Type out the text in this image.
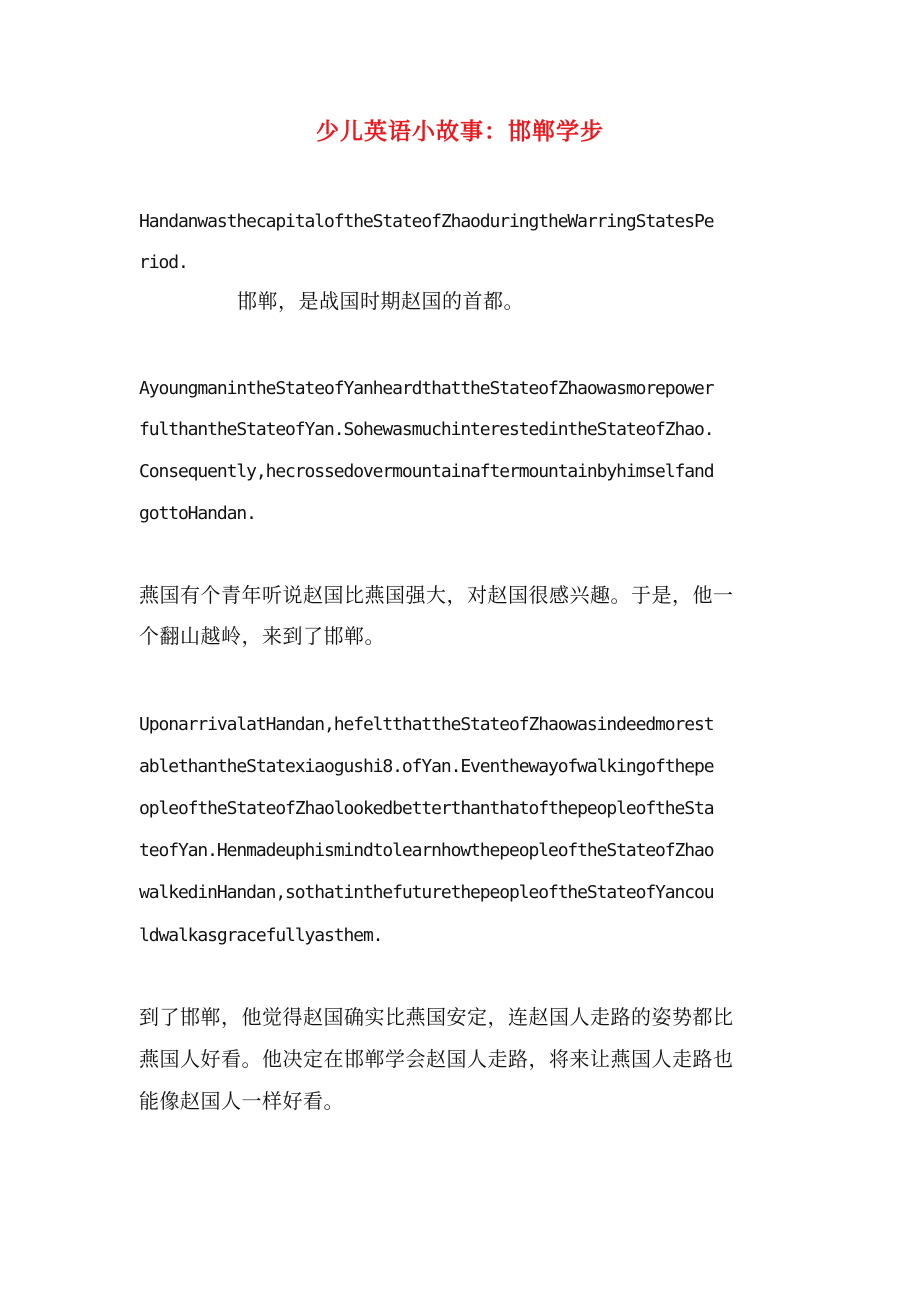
少儿英语小故事：邯郸学步
HandanwasthecapitaloftheStateofZhaoduringtheWarringStatesPe
riod.
邯郸，是战国时期赵国的首都。
AyoungmanintheStateofYanheardthattheStateofZhaowasmorepower
fulthantheStateofYan.SohewasmuchinterestedintheStateofZhao.
Consequently,hecrossedovermountainaftermountainbyhimselfand
gottoHandan.
燕国有个青年听说赵国比燕国强大，对赵国很感兴趣。于是，他一
个翻山越岭，来到了邯郸。
UponarrivalatHandan,hefeltthattheStateofZhaowasindeedmorest
ablethantheStatexiaogushi8.ofYan.Eventhewayofwalkingofthepe
opleoftheStateofZhaolookedbetterthanthatofthepeopleoftheSta
teofYan.HenmadeuphismindtolearnhowthepeopleoftheStateofZhao
walkedinHandan,sothatinthefuturethepeopleoftheStateofYancou
ldwalkasgracefullyasthem.
到了邯郸，他觉得赵国确实比燕国安定，连赵国人走路的姿势都比
燕国人好看。他决定在邯郸学会赵国人走路，将来让燕国人走路也
能像赵国人一样好看。
